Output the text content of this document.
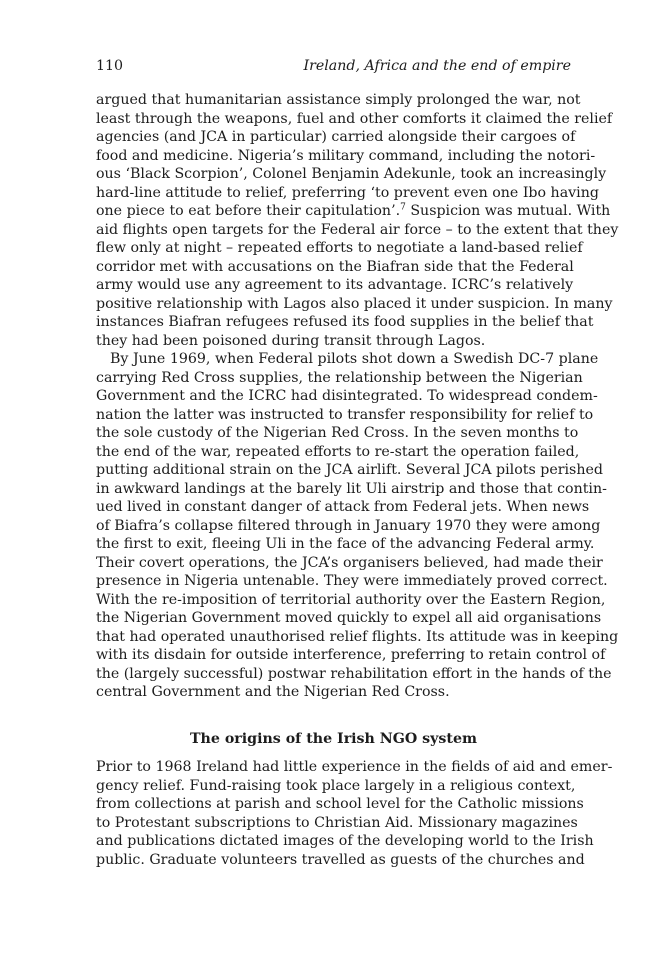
110	Ireland, Africa and the end of empire
argued that humanitarian assistance simply prolonged the war, not
least through the weapons, fuel and other comforts it claimed the relief
agencies (and JCA in particular) carried alongside their cargoes of
food and medicine. Nigeria’s military command, including the notori-
ous ‘Black Scorpion’, Colonel Benjamin Adekunle, took an increasingly
hard-line attitude to relief, preferring ‘to prevent even one Ibo having
one piece to eat before their capitulation’.$^7$ Suspicion was mutual. With
aid flights open targets for the Federal air force – to the extent that they
flew only at night – repeated efforts to negotiate a land-based relief
corridor met with accusations on the Biafran side that the Federal
army would use any agreement to its advantage. ICRC’s relatively
positive relationship with Lagos also placed it under suspicion. In many
instances Biafran refugees refused its food supplies in the belief that
they had been poisoned during transit through Lagos.
By June 1969, when Federal pilots shot down a Swedish DC-7 plane
carrying Red Cross supplies, the relationship between the Nigerian
Government and the ICRC had disintegrated. To widespread condem-
nation the latter was instructed to transfer responsibility for relief to
the sole custody of the Nigerian Red Cross. In the seven months to
the end of the war, repeated efforts to re-start the operation failed,
putting additional strain on the JCA airlift. Several JCA pilots perished
in awkward landings at the barely lit Uli airstrip and those that contin-
ued lived in constant danger of attack from Federal jets. When news
of Biafra’s collapse filtered through in January 1970 they were among
the first to exit, fleeing Uli in the face of the advancing Federal army.
Their covert operations, the JCA’s organisers believed, had made their
presence in Nigeria untenable. They were immediately proved correct.
With the re-imposition of territorial authority over the Eastern Region,
the Nigerian Government moved quickly to expel all aid organisations
that had operated unauthorised relief flights. Its attitude was in keeping
with its disdain for outside interference, preferring to retain control of
the (largely successful) postwar rehabilitation effort in the hands of the
central Government and the Nigerian Red Cross.
The origins of the Irish NGO system
Prior to 1968 Ireland had little experience in the fields of aid and emer-
gency relief. Fund-raising took place largely in a religious context,
from collections at parish and school level for the Catholic missions
to Protestant subscriptions to Christian Aid. Missionary magazines
and publications dictated images of the developing world to the Irish
public. Graduate volunteers travelled as guests of the churches and
